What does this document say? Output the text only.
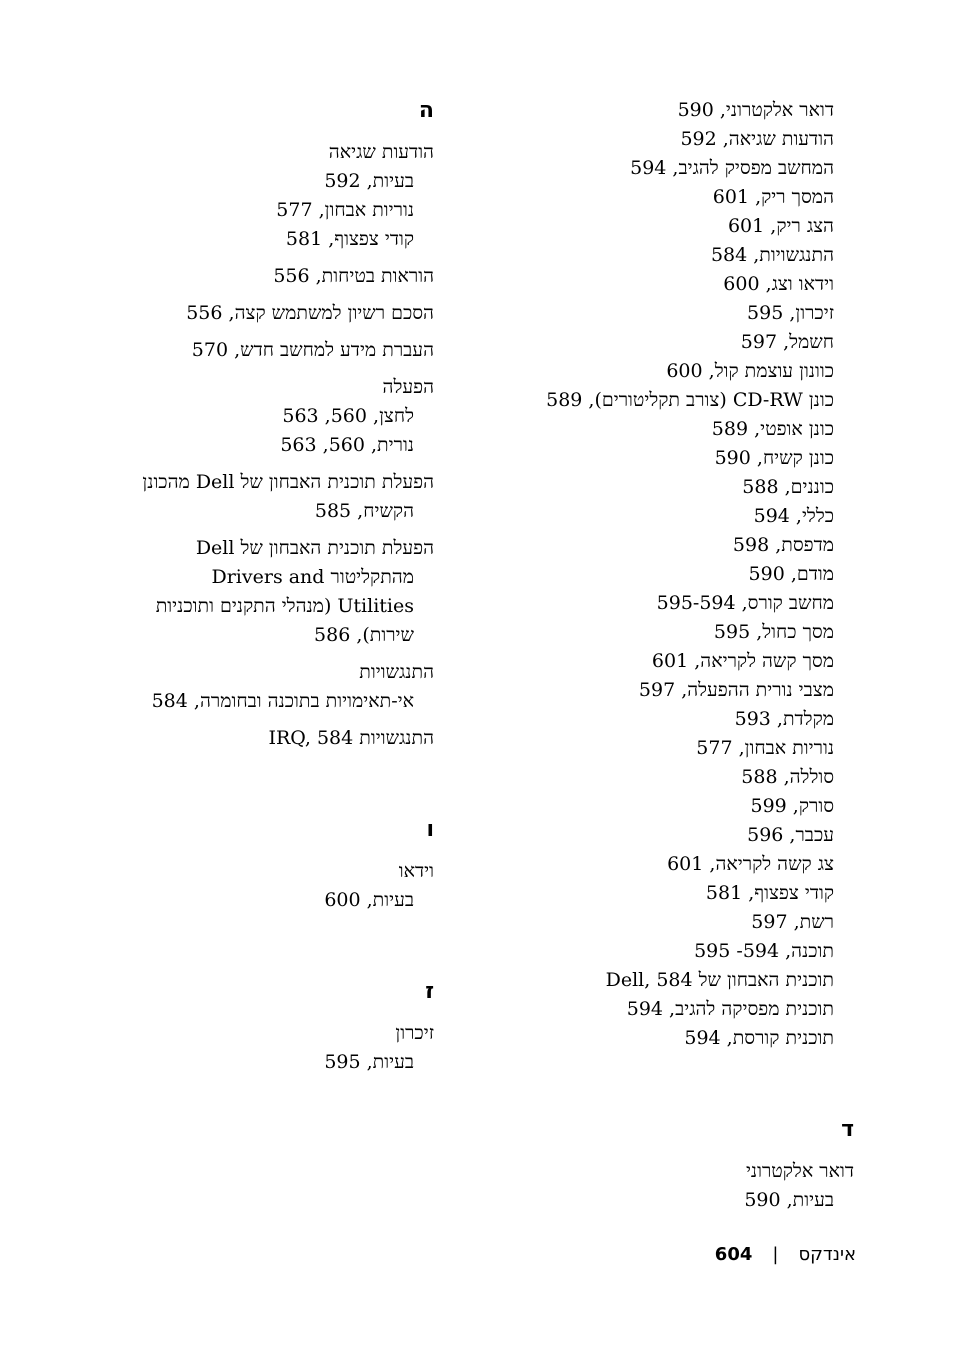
דואר אלקטרוני, 590
הודעות שגיאה, 592
המחשב מפסיק להגיב, 594
המסך ריק, 601
הצג ריק, 601
התנגשויות, 584
וידאו וצג, 600
זיכרון, 595
חשמל, 597
כוונון עוצמת קול, 600
כונן CD-RW (צורב תקליטורים), 589
כונן אופטי, 589
כונן קשיח, 590
כוננים, 588
כללי, 594
מדפסת, 598
מודם, 590
מחשב קורס, 595-594
מסך כחול, 595
מסך קשה לקריאה, 601
מצבי נורית ההפעלה, 597
מקלדת, 593
נוריות אבחון, 577
סוללה, 588
סורק, 599
עכבר, 596
צג קשה לקריאה, 601
קודי צפצוף, 581
רשת, 597
תוכנה, 594- 595
תוכנית האבחון של Dell, 584
תוכנית מפסיקה להגיב, 594
תוכנית קורסת, 594
ד
דואר אלקטרוני
בעיות, 590
ה
הודעות שגיאה
בעיות, 592
נוריות אבחון, 577
קודי צפצוף, 581
הוראות בטיחות, 556
הסכם רשיון למשתמש קצה, 556
העברת מידע למחשב חדש, 570
הפעלה
לחצן, 560, 563
נורית, 560, 563
הפעלת תוכנית האבחון של Dell מהכונן
הקשיח, 585
הפעלת תוכנית האבחון של Dell
מהתקליטור Drivers and
Utilities (מנהלי התקנים ותוכניות
שירות), 586
התנגשויות
אי-תאימויות בתוכנה ובחומרה, 584
התנגשויות IRQ, 584
ו
וידאו
בעיות, 600
ז
זיכרון
בעיות, 595
אינדקס
|
604
